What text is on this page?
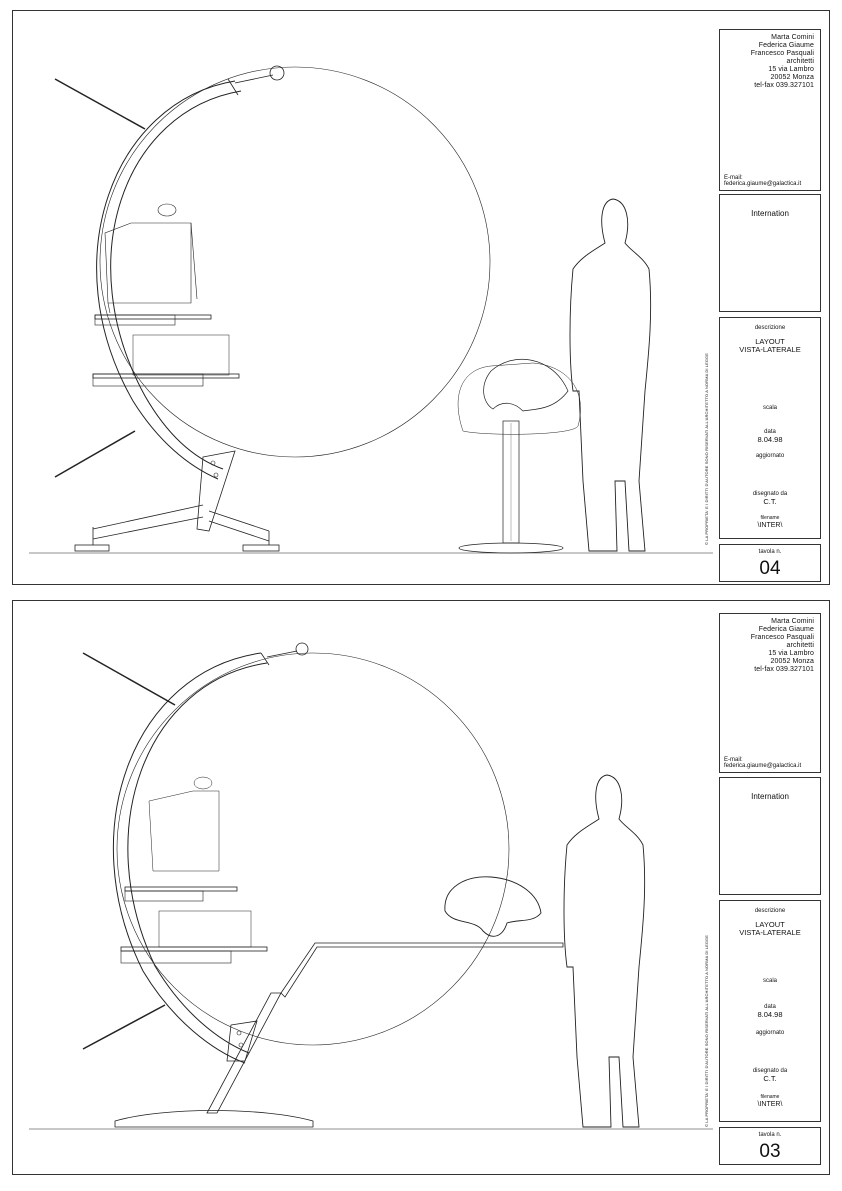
Marta Comini
Federica Giaume
Francesco Pasquali
architetti
15 via Lambro
20052 Monza
tel-fax 039.327101
E-mail: federica.giaume@galactica.it
Internation
descrizione
LAYOUT
VISTA-LATERALE
scala
data
8.04.98
aggiornato
disegnato da
C.T.
filename
\INTER\
tavola n.
04
© LA PROPRIETA' E I DIRITTI D'AUTORE SONO RISERVATI ALL'ARCHITETTO A NORMA DI LEGGE
Marta Comini
Federica Giaume
Francesco Pasquali
architetti
15 via Lambro
20052 Monza
tel-fax 039.327101
E-mail: federica.giaume@galactica.it
Internation
descrizione
LAYOUT
VISTA-LATERALE
scala
data
8.04.98
aggiornato
disegnato da
C.T.
filename
\INTER\
tavola n.
03
© LA PROPRIETA' E I DIRITTI D'AUTORE SONO RISERVATI ALL'ARCHITETTO A NORMA DI LEGGE
